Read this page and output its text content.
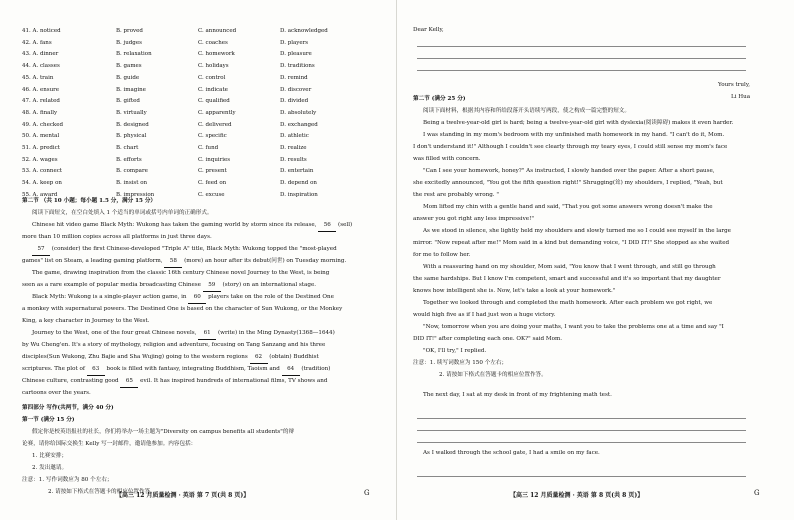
41. A. noticed	B. proved	C. announced	D. acknowledged
42. A. fans	B. judges	C. coaches	D. players
43. A. dinner	B. relaxation	C. homework	D. pleasure
44. A. classes	B. games	C. holidays	D. traditions
45. A. train	B. guide	C. control	D. remind
46. A. ensure	B. imagine	C. indicate	D. discover
47. A. related	B. gifted	C. qualified	D. divided
48. A. finally	B. virtually	C. apparently	D. absolutely
49. A. checked	B. designed	C. delivered	D. exchanged
50. A. mental	B. physical	C. specific	D. athletic
51. A. predict	B. chart	C. fund	D. realize
52. A. wages	B. efforts	C. inquiries	D. results
53. A. connect	B. compare	C. present	D. entertain
54. A. keep on	B. insist on	C. feed on	D. depend on
55. A. award	B. impression	C. excuse	D. inspiration
第二节 （共 10 小题；每小题 1.5 分，满分 15 分）
阅读下面短文，在空白处填入 1 个适当的单词或括号内单词的正确形式。
Chinese hit video game Black Myth: Wukong has taken the gaming world by storm since its release, 56 (sell)
more than 10 million copies across all platforms in just three days.
57 (consider) the first Chinese-developed "Triple A" title, Black Myth: Wukong topped the "most-played
games" list on Steam, a leading gaming platform, 58 (more) an hour after its debut(问世) on Tuesday morning.
The game, drawing inspiration from the classic 16th century Chinese novel Journey to the West, is being
seen as a rare example of popular media broadcasting Chinese 59 (story) on an international stage.
Black Myth: Wukong is a single-player action game, in 60 players take on the role of the Destined One
a monkey with supernatural powers. The Destined One is based on the character of Sun Wukong, or the Monkey
King, a key character in Journey to the West.
Journey to the West, one of the four great Chinese novels, 61 (write) in the Ming Dynasty(1368—1644)
by Wu Cheng'en. It's a story of mythology, religion and adventure, focusing on Tang Sanzang and his three
disciples(Sun Wukong, Zhu Bajie and Sha Wujing) going to the western regions 62 (obtain) Buddhist
scriptures. The plot of 63 book is filled with fantasy, integrating Buddhism, Taoism and 64 (tradition)
Chinese culture, contrasting good 65 evil. It has inspired hundreds of international films, TV shows and
cartoons over the years.
第四部分 写作(共两节，满分 40 分)
第一节 (满分 15 分)
假定你是校英语报社的社长，你们将举办一场主题为"Diversity on campus benefits all students"的辩
论赛，请你给国际交换生 Kelly 写一封邮件，邀请他参加。内容包括：
1. 比赛安排；
2. 发出邀请。
注意：1. 写作词数应为 80 个左右；
2. 请按如下格式在答题卡的相应位置作答。
【高三 12 月质量检测 · 英语 第 7 页(共 8 页)】	G
Dear Kelly,
Yours truly,
Li Hua
第二节 (满分 25 分)
阅读下面材料，根据其内容和所给段落开头语续写两段，使之构成一篇完整的短文。
Being a twelve-year-old girl is hard; being a twelve-year-old girl with dyslexia(阅读障碍) makes it even harder.
I was standing in my mom's bedroom with my unfinished math homework in my hand. "I can't do it, Mom.
I don't understand it!" Although I couldn't see clearly through my teary eyes, I could still sense my mom's face
was filled with concern.
"Can I see your homework, honey?" As instructed, I slowly handed over the paper. After a short pause,
she excitedly announced, "You got the fifth question right!" Shrugging(耸) my shoulders, I replied, "Yeah, but
the rest are probably wrong. "
Mom lifted my chin with a gentle hand and said, "That you got some answers wrong doesn't make the
answer you got right any less impressive!"
As we stood in silence, she lightly held my shoulders and slowly turned me so I could see myself in the large
mirror. "Now repeat after me!" Mom said in a kind but demanding voice, "I DID IT!" She stopped as she waited
for me to follow her.
With a reassuring hand on my shoulder, Mom said, "You know that I went through, and still go through
the same hardships. But I know I'm competent, smart and successful and it's so important that my daughter
knows how intelligent she is. Now, let's take a look at your homework."
Together we looked through and completed the math homework. After each problem we got right, we
would high five as if I had just won a huge victory.
"Now, tomorrow when you are doing your maths, I want you to take the problems one at a time and say "I
DID IT!" after completing each one. OK?" said Mom.
"OK, I'll try," I replied.
注意：1. 续写词数应为 150 个左右；
2. 请按如下格式在答题卡的相应位置作答。
The next day, I sat at my desk in front of my frightening math test.
As I walked through the school gate, I had a smile on my face.
【高三 12 月质量检测 · 英语 第 8 页(共 8 页)】	G
